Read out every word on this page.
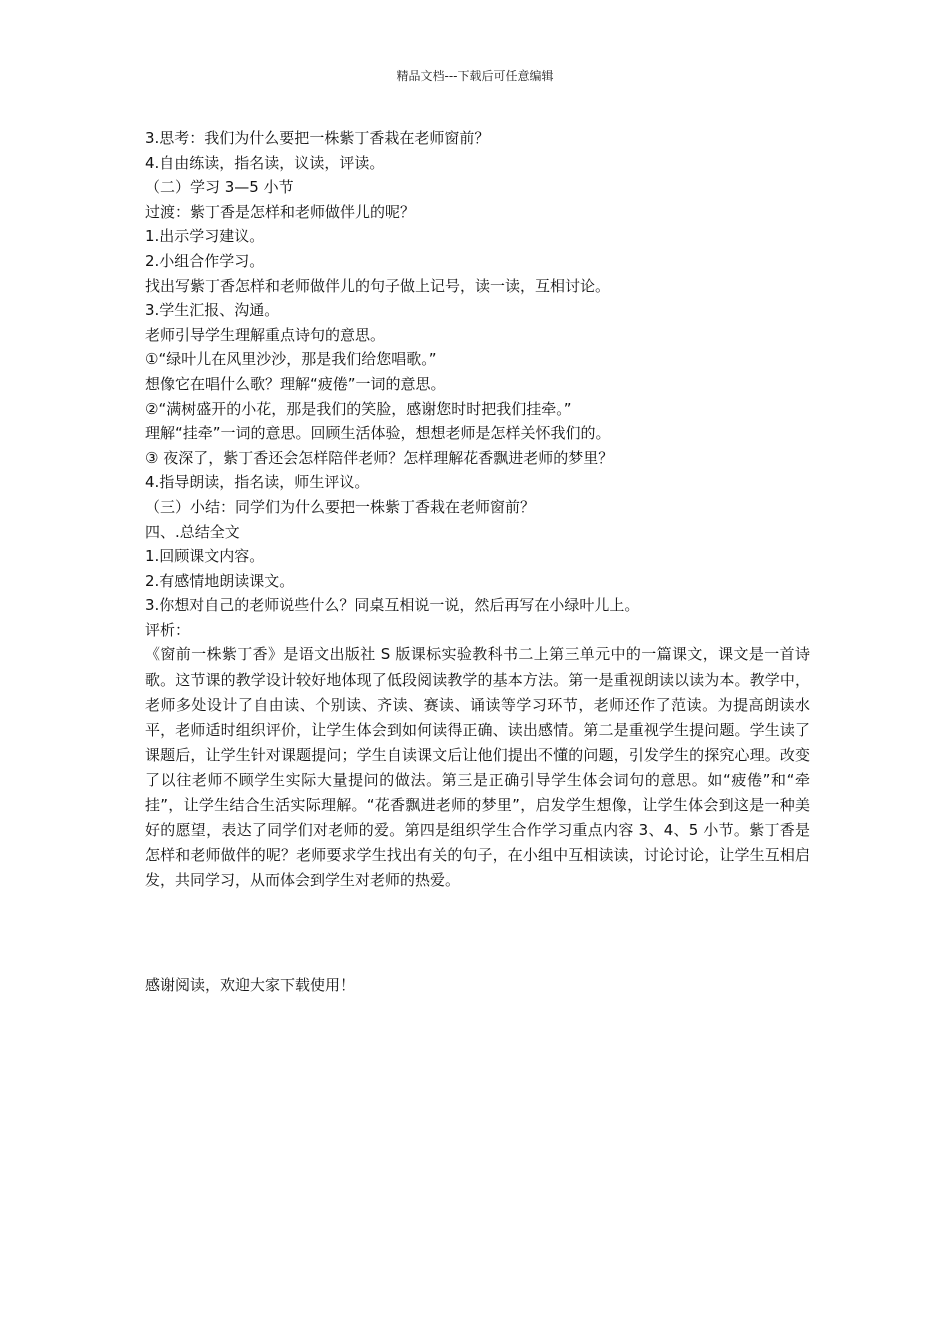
精品文档---下载后可任意编辑
3.思考：我们为什么要把一株紫丁香栽在老师窗前？
4.自由练读，指名读，议读，评读。
（二）学习 3—5 小节
过渡：紫丁香是怎样和老师做伴儿的呢？
1.出示学习建议。
2.小组合作学习。
找出写紫丁香怎样和老师做伴儿的句子做上记号，读一读，互相讨论。
3.学生汇报、沟通。
老师引导学生理解重点诗句的意思。
①“绿叶儿在风里沙沙，那是我们给您唱歌。”
想像它在唱什么歌？理解“疲倦”一词的意思。
②“满树盛开的小花，那是我们的笑脸，感谢您时时把我们挂牵。”
理解“挂牵”一词的意思。回顾生活体验，想想老师是怎样关怀我们的。
③ 夜深了，紫丁香还会怎样陪伴老师？怎样理解花香飘进老师的梦里？
4.指导朗读，指名读，师生评议。
（三）小结：同学们为什么要把一株紫丁香栽在老师窗前？
四、.总结全文
1.回顾课文内容。
2.有感情地朗读课文。
3.你想对自己的老师说些什么？同桌互相说一说，然后再写在小绿叶儿上。
评析：

《窗前一株紫丁香》是语文出版社 S 版课标实验教科书二上第三单元中的一篇课文，课文是一首诗歌。这节课的教学设计较好地体现了低段阅读教学的基本方法。第一是重视朗读以读为本。教学中，老师多处设计了自由读、个别读、齐读、赛读、诵读等学习环节，老师还作了范读。为提高朗读水平，老师适时组织评价，让学生体会到如何读得正确、读出感情。第二是重视学生提问题。学生读了课题后，让学生针对课题提问；学生自读课文后让他们提出不懂的问题，引发学生的探究心理。改变了以往老师不顾学生实际大量提问的做法。第三是正确引导学生体会词句的意思。如“疲倦”和“牵挂”，让学生结合生活实际理解。“花香飘进老师的梦里”，启发学生想像，让学生体会到这是一种美好的愿望，表达了同学们对老师的爱。第四是组织学生合作学习重点内容 3、4、5 小节。紫丁香是怎样和老师做伴的呢？老师要求学生找出有关的句子，在小组中互相读读，讨论讨论，让学生互相启发，共同学习，从而体会到学生对老师的热爱。

感谢阅读，欢迎大家下载使用！
